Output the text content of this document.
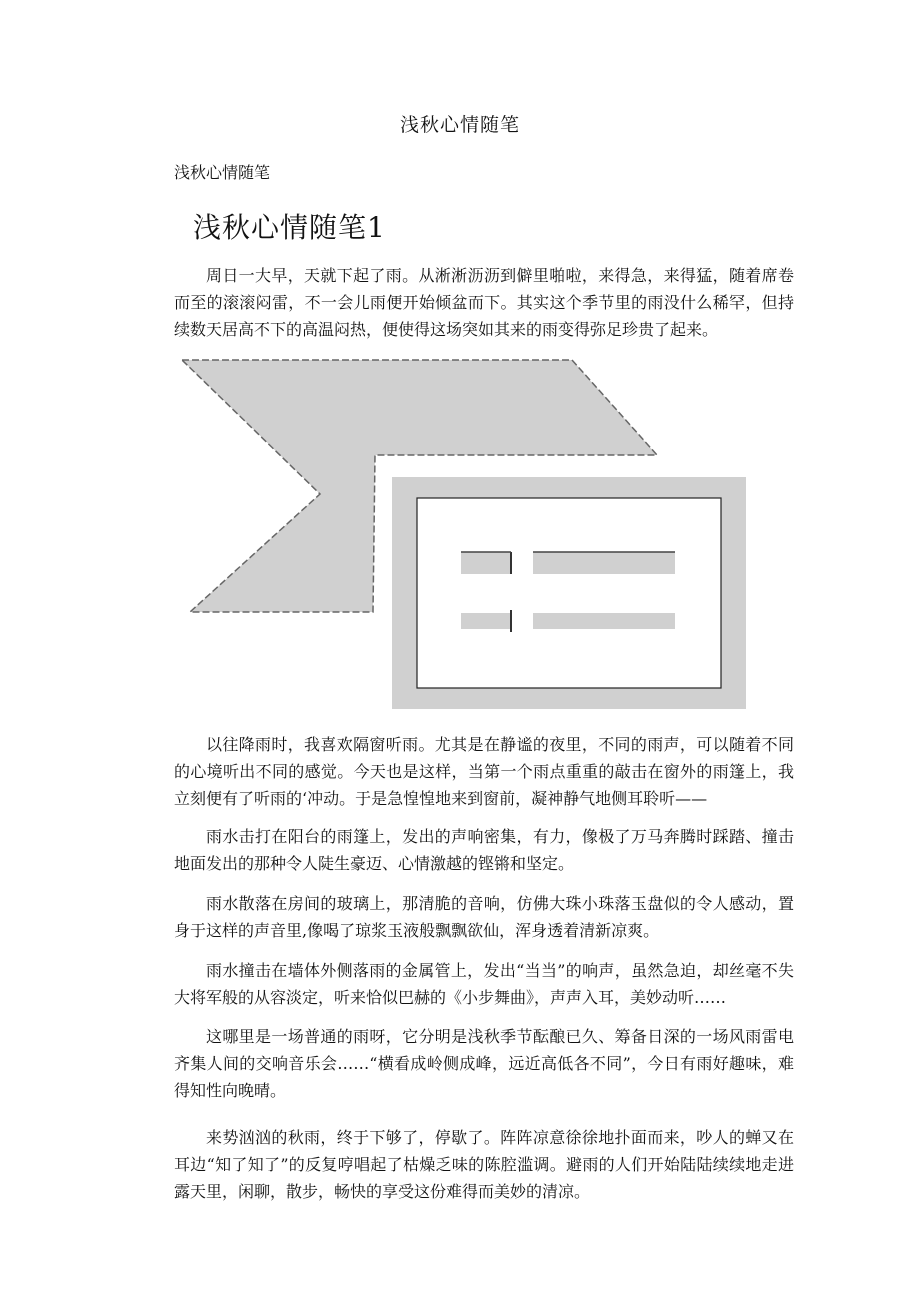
浅秋心情随笔
浅秋心情随笔
浅秋心情随笔1

周日一大早，天就下起了雨。从淅淅沥沥到僻里啪啦，来得急，来得猛，随着席卷而至的滚滚闷雷，不一会儿雨便开始倾盆而下。其实这个季节里的雨没什么稀罕，但持续数天居高不下的高温闷热，便使得这场突如其来的雨变得弥足珍贵了起来。

以往降雨时，我喜欢隔窗听雨。尤其是在静谧的夜里，不同的雨声，可以随着不同的心境听出不同的感觉。今天也是这样，当第一个雨点重重的敲击在窗外的雨篷上，我立刻便有了听雨的‘冲动。于是急惶惶地来到窗前，凝神静气地侧耳聆听——

雨水击打在阳台的雨篷上，发出的声响密集，有力，像极了万马奔腾时踩踏、撞击地面发出的那种令人陡生豪迈、心情激越的铿锵和坚定。

雨水散落在房间的玻璃上，那清脆的音响，仿佛大珠小珠落玉盘似的令人感动，置身于这样的声音里,像喝了琼浆玉液般飘飘欲仙，浑身透着清新凉爽。

雨水撞击在墙体外侧落雨的金属管上，发出“当当”的响声，虽然急迫，却丝毫不失大将军般的从容淡定，听来恰似巴赫的《小步舞曲》，声声入耳，美妙动听……

这哪里是一场普通的雨呀，它分明是浅秋季节酝酿已久、筹备日深的一场风雨雷电齐集人间的交响音乐会……“横看成岭侧成峰，远近高低各不同”，今日有雨好趣味，难得知性向晚晴。

来势汹汹的秋雨，终于下够了，停歇了。阵阵凉意徐徐地扑面而来，吵人的蝉又在耳边“知了知了”的反复哼唱起了枯燥乏味的陈腔滥调。避雨的人们开始陆陆续续地走进露天里，闲聊，散步，畅快的享受这份难得而美妙的清凉。
